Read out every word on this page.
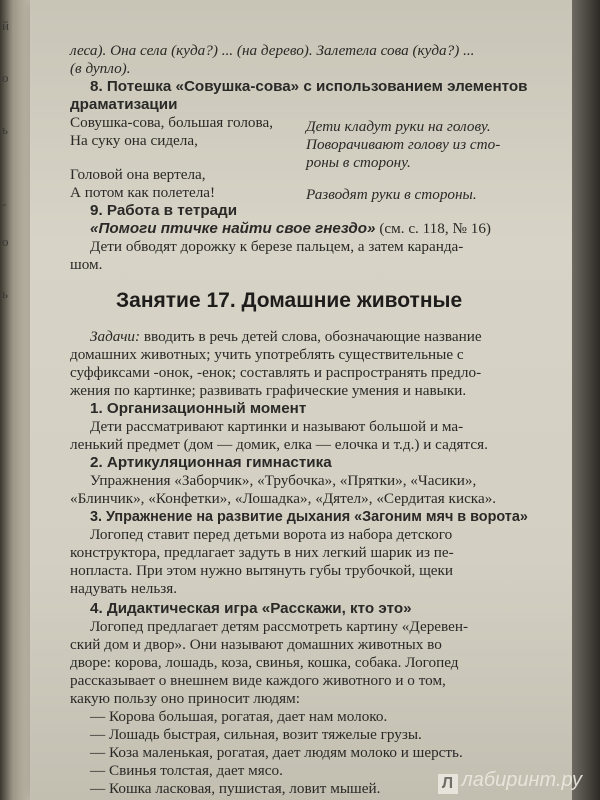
й
о
ь
-
о
ь
леса). Она села (куда?) ... (на дерево). Залетела сова (куда?) ...
(в дупло).
8. Потешка «Совушка-сова» с использованием элементов
драматизации
Совушка-сова, большая голова,
На суку она сидела,
Головой она вертела,
А потом как полетела!
Дети кладут руки на голову.
Поворачивают голову из сто-
роны в сторону.
Разводят руки в стороны.
9. Работа в тетради
«Помоги птичке найти свое гнездо» (см. с. 118, № 16)
Дети обводят дорожку к березе пальцем, а затем каранда-
шом.
Занятие 17. Домашние животные
Задачи: вводить в речь детей слова, обозначающие название
домашних животных; учить употреблять существительные с
суффиксами -онок, -енок; составлять и распространять предло-
жения по картинке; развивать графические умения и навыки.
1. Организационный момент
Дети рассматривают картинки и называют большой и ма-
ленький предмет (дом — домик, елка — елочка и т.д.) и садятся.
2. Артикуляционная гимнастика
Упражнения «Заборчик», «Трубочка», «Прятки», «Часики»,
«Блинчик», «Конфетки», «Лошадка», «Дятел», «Сердитая киска».
3. Упражнение на развитие дыхания «Загоним мяч в ворота»
Логопед ставит перед детьми ворота из набора детского
конструктора, предлагает задуть в них легкий шарик из пе-
нопласта. При этом нужно вытянуть губы трубочкой, щеки
надувать нельзя.
4. Дидактическая игра «Расскажи, кто это»
Логопед предлагает детям рассмотреть картину «Деревен-
ский дом и двор». Они называют домашних животных во
дворе: корова, лошадь, коза, свинья, кошка, собака. Логопед
рассказывает о внешнем виде каждого животного и о том,
какую пользу оно приносит людям:
— Корова большая, рогатая, дает нам молоко.
— Лошадь быстрая, сильная, возит тяжелые грузы.
— Коза маленькая, рогатая, дает людям молоко и шерсть.
— Свинья толстая, дает мясо.
— Кошка ласковая, пушистая, ловит мышей.	Л лабиринт.ру
